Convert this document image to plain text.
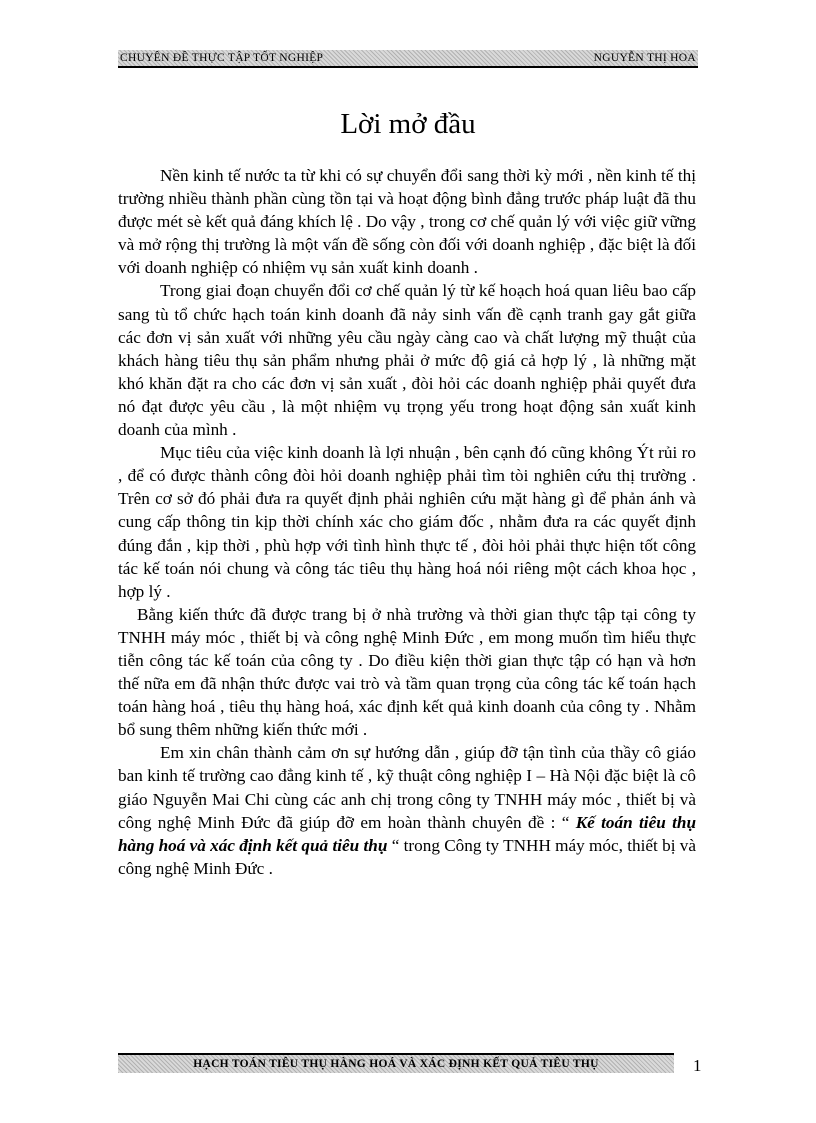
CHUYÊN ĐỀ THỰC TẬP TỐT NGHIỆP	NGUYỄN THỊ HOA
Lời mở đầu

Nền kinh tế nước ta từ khi có sự chuyển đổi sang thời kỳ mới , nền kinh tế thị trường nhiều thành phần cùng tồn tại và hoạt động bình đẳng trước pháp luật đã thu được mét sè kết quả đáng khích lệ . Do vậy , trong cơ chế quản lý với việc giữ vững và mở rộng thị trường là một vấn đề sống còn đối với doanh nghiệp , đặc biệt là đối với doanh nghiệp có nhiệm vụ sản xuất kinh doanh .

Trong giai đoạn chuyển đổi cơ chế quản lý từ kế hoạch hoá quan liêu bao cấp sang tù tổ chức hạch toán kinh doanh đã nảy sinh vấn đề cạnh tranh gay gắt giữa các đơn vị sản xuất với những yêu cầu ngày càng cao và chất lượng mỹ thuật của khách hàng tiêu thụ sản phẩm nhưng phải ở mức độ giá cả hợp lý , là những mặt khó khăn đặt ra cho các đơn vị sản xuất , đòi hỏi các doanh nghiệp phải quyết đưa nó đạt được yêu cầu , là một nhiệm vụ trọng yếu trong hoạt động sản xuất kinh doanh của mình .

Mục tiêu của việc kinh doanh là lợi nhuận , bên cạnh đó cũng không Ýt rủi ro , để có được thành công đòi hỏi doanh nghiệp phải tìm tòi nghiên cứu thị trường . Trên cơ sở đó phải đưa ra quyết định phải nghiên cứu mặt hàng gì để phản ánh và cung cấp thông tin kịp thời chính xác cho giám đốc , nhằm đưa ra các quyết định đúng đắn , kịp thời , phù hợp với tình hình thực tế , đòi hỏi phải thực hiện tốt công tác kế toán nói chung và công tác tiêu thụ hàng hoá nói riêng một cách khoa học , hợp lý .

Bằng kiến thức đã được trang bị ở nhà trường và thời gian thực tập tại công ty TNHH máy móc , thiết bị và công nghệ Minh Đức , em mong muốn tìm hiểu thực tiễn công tác kế toán của công ty . Do điều kiện thời gian thực tập có hạn và hơn thế nữa em đã nhận thức được vai trò và tầm quan trọng của công tác kế toán hạch toán hàng hoá , tiêu thụ hàng hoá, xác định kết quả kinh doanh của công ty . Nhằm bổ sung thêm những kiến thức mới .

Em xin chân thành cảm ơn sự hướng dẫn , giúp đỡ tận tình của thầy cô giáo ban kinh tế trường cao đẳng kinh tế , kỹ thuật công nghiệp I – Hà Nội đặc biệt là cô giáo Nguyễn Mai Chi cùng các anh chị trong công ty TNHH máy móc , thiết bị và công nghệ Minh Đức đã giúp đỡ em hoàn thành chuyên đề : “ Kế toán tiêu thụ hàng hoá và xác định kết quả tiêu thụ “ trong Công ty TNHH máy móc, thiết bị và công nghệ Minh Đức .

HẠCH TOÁN TIÊU THỤ HÀNG HOÁ VÀ XÁC ĐỊNH KẾT QUẢ TIÊU THỤ	1
